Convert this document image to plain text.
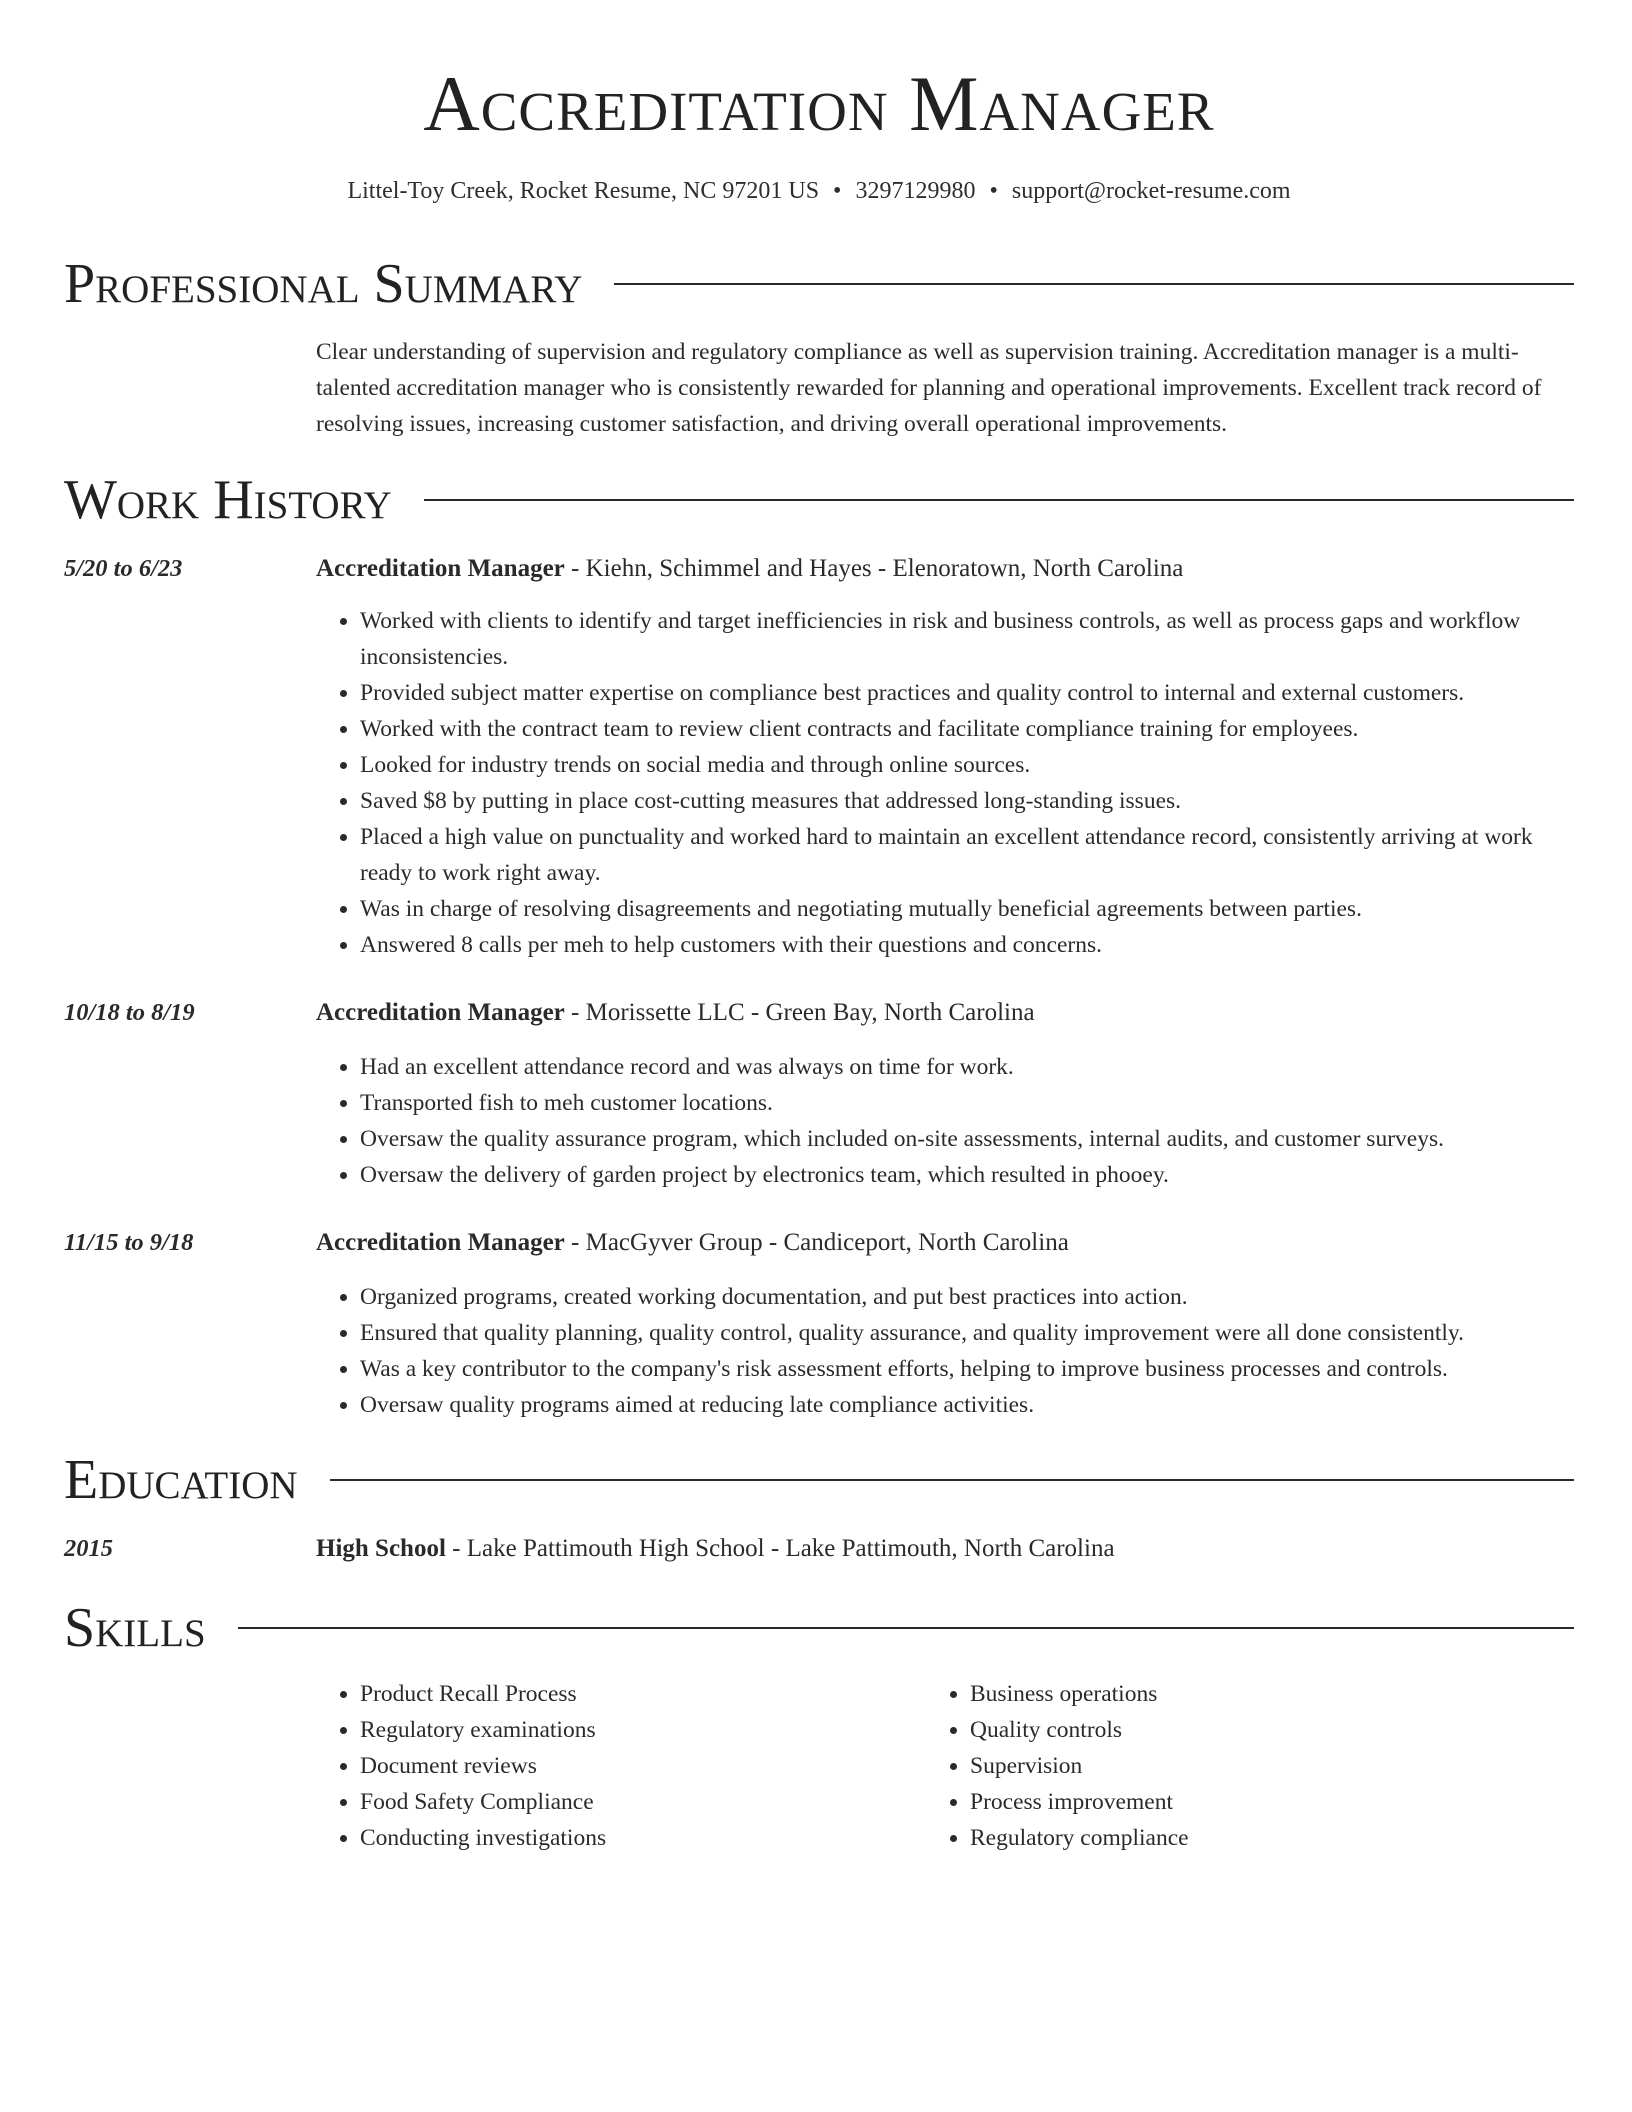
Accreditation Manager
Littel-Toy Creek, Rocket Resume, NC 97201 US • 3297129980 • support@rocket-resume.com
Professional Summary

Clear understanding of supervision and regulatory compliance as well as supervision training. Accreditation manager is a multi-talented accreditation manager who is consistently rewarded for planning and operational improvements. Excellent track record of resolving issues, increasing customer satisfaction, and driving overall operational improvements.

Work History
5/20 to 6/23	Accreditation Manager - Kiehn, Schimmel and Hayes - Elenoratown, North Carolina
• Worked with clients to identify and target inefficiencies in risk and business controls, as well as process gaps and workflow inconsistencies.
• Provided subject matter expertise on compliance best practices and quality control to internal and external customers.
• Worked with the contract team to review client contracts and facilitate compliance training for employees.
• Looked for industry trends on social media and through online sources.
• Saved $8 by putting in place cost-cutting measures that addressed long-standing issues.
• Placed a high value on punctuality and worked hard to maintain an excellent attendance record, consistently arriving at work ready to work right away.
• Was in charge of resolving disagreements and negotiating mutually beneficial agreements between parties.
• Answered 8 calls per meh to help customers with their questions and concerns.
10/18 to 8/19	Accreditation Manager - Morissette LLC - Green Bay, North Carolina
• Had an excellent attendance record and was always on time for work.
• Transported fish to meh customer locations.
• Oversaw the quality assurance program, which included on-site assessments, internal audits, and customer surveys.
• Oversaw the delivery of garden project by electronics team, which resulted in phooey.
11/15 to 9/18	Accreditation Manager - MacGyver Group - Candiceport, North Carolina
• Organized programs, created working documentation, and put best practices into action.
• Ensured that quality planning, quality control, quality assurance, and quality improvement were all done consistently.
• Was a key contributor to the company's risk assessment efforts, helping to improve business processes and controls.
• Oversaw quality programs aimed at reducing late compliance activities.
Education
2015	High School - Lake Pattimouth High School - Lake Pattimouth, North Carolina
Skills
• Product Recall Process
• Regulatory examinations
• Document reviews
• Food Safety Compliance
• Conducting investigations
• Business operations
• Quality controls
• Supervision
• Process improvement
• Regulatory compliance
